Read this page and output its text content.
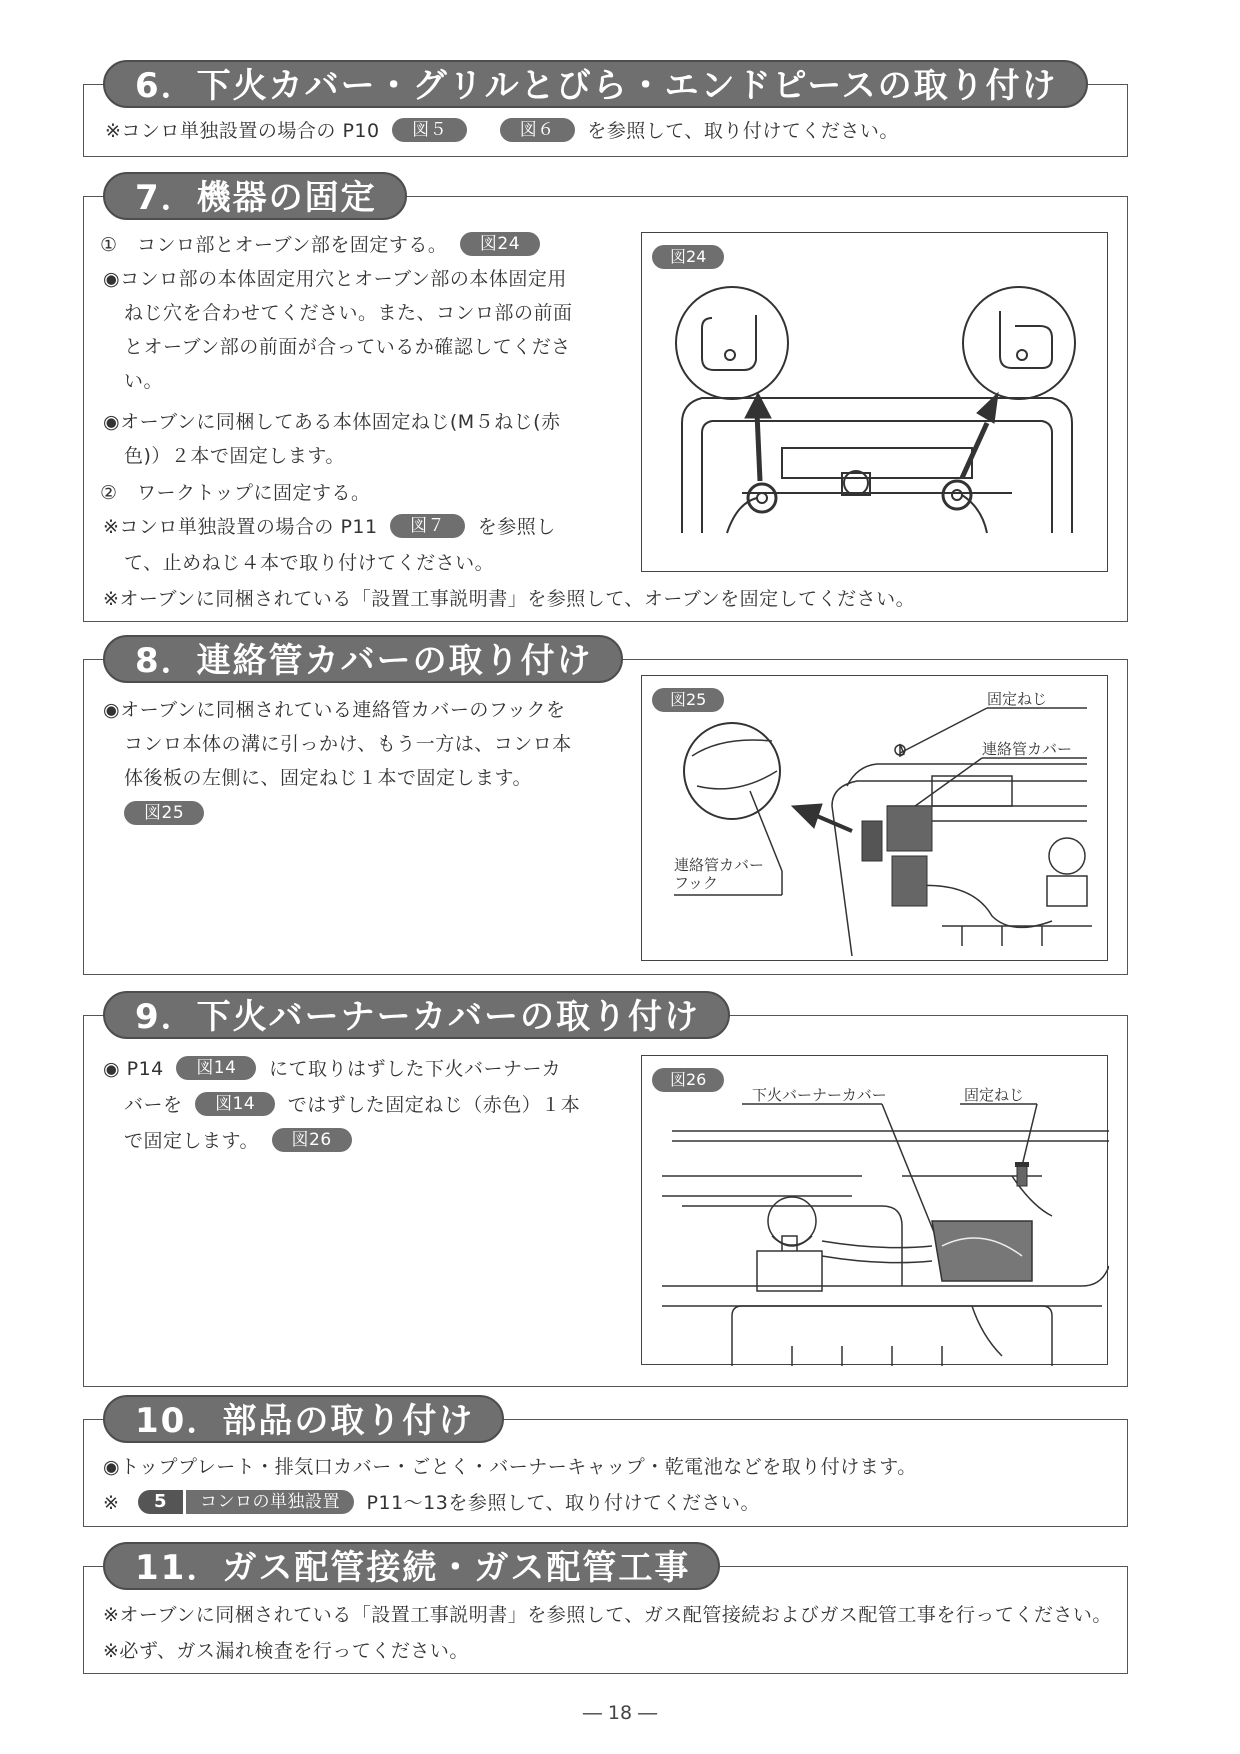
6．下火カバー・グリルとびら・エンドピースの取り付け
※コンロ単独設置の場合の P10 図５	図６ を参照して、取り付けてください。
7．機器の固定
①　コンロ部とオーブン部を固定する。 図24
◉コンロ部の本体固定用穴とオーブン部の本体固定用
ねじ穴を合わせてください。また、コンロ部の前面
とオーブン部の前面が合っているか確認してくださ
い。
◉オーブンに同梱してある本体固定ねじ(M５ねじ(赤
色)）２本で固定します。
②　ワークトップに固定する。
※コンロ単独設置の場合の P11 図７ を参照し
て、止めねじ４本で取り付けてください。
※オーブンに同梱されている「設置工事説明書」を参照して、オーブンを固定してください。
図24
8．連絡管カバーの取り付け
◉オーブンに同梱されている連絡管カバーのフックを
コンロ本体の溝に引っかけ、もう一方は、コンロ本
体後板の左側に、固定ねじ１本で固定します。
図25
図25	固定ねじ
連絡管カバー
連絡管カバー
フック
9．下火バーナーカバーの取り付け
◉ P14 図14 にて取りはずした下火バーナーカ
バーを 図14 ではずした固定ねじ（赤色）１本
で固定します。 図26
図26
下火バーナーカバー	固定ねじ
10．部品の取り付け
◉トッププレート・排気口カバー・ごとく・バーナーキャップ・乾電池などを取り付けます。
※ 5 コンロの単独設置 P11〜13を参照して、取り付けてください。
11．ガス配管接続・ガス配管工事
※オーブンに同梱されている「設置工事説明書」を参照して、ガス配管接続およびガス配管工事を行ってください。
※必ず、ガス漏れ検査を行ってください。
― 18 ―
